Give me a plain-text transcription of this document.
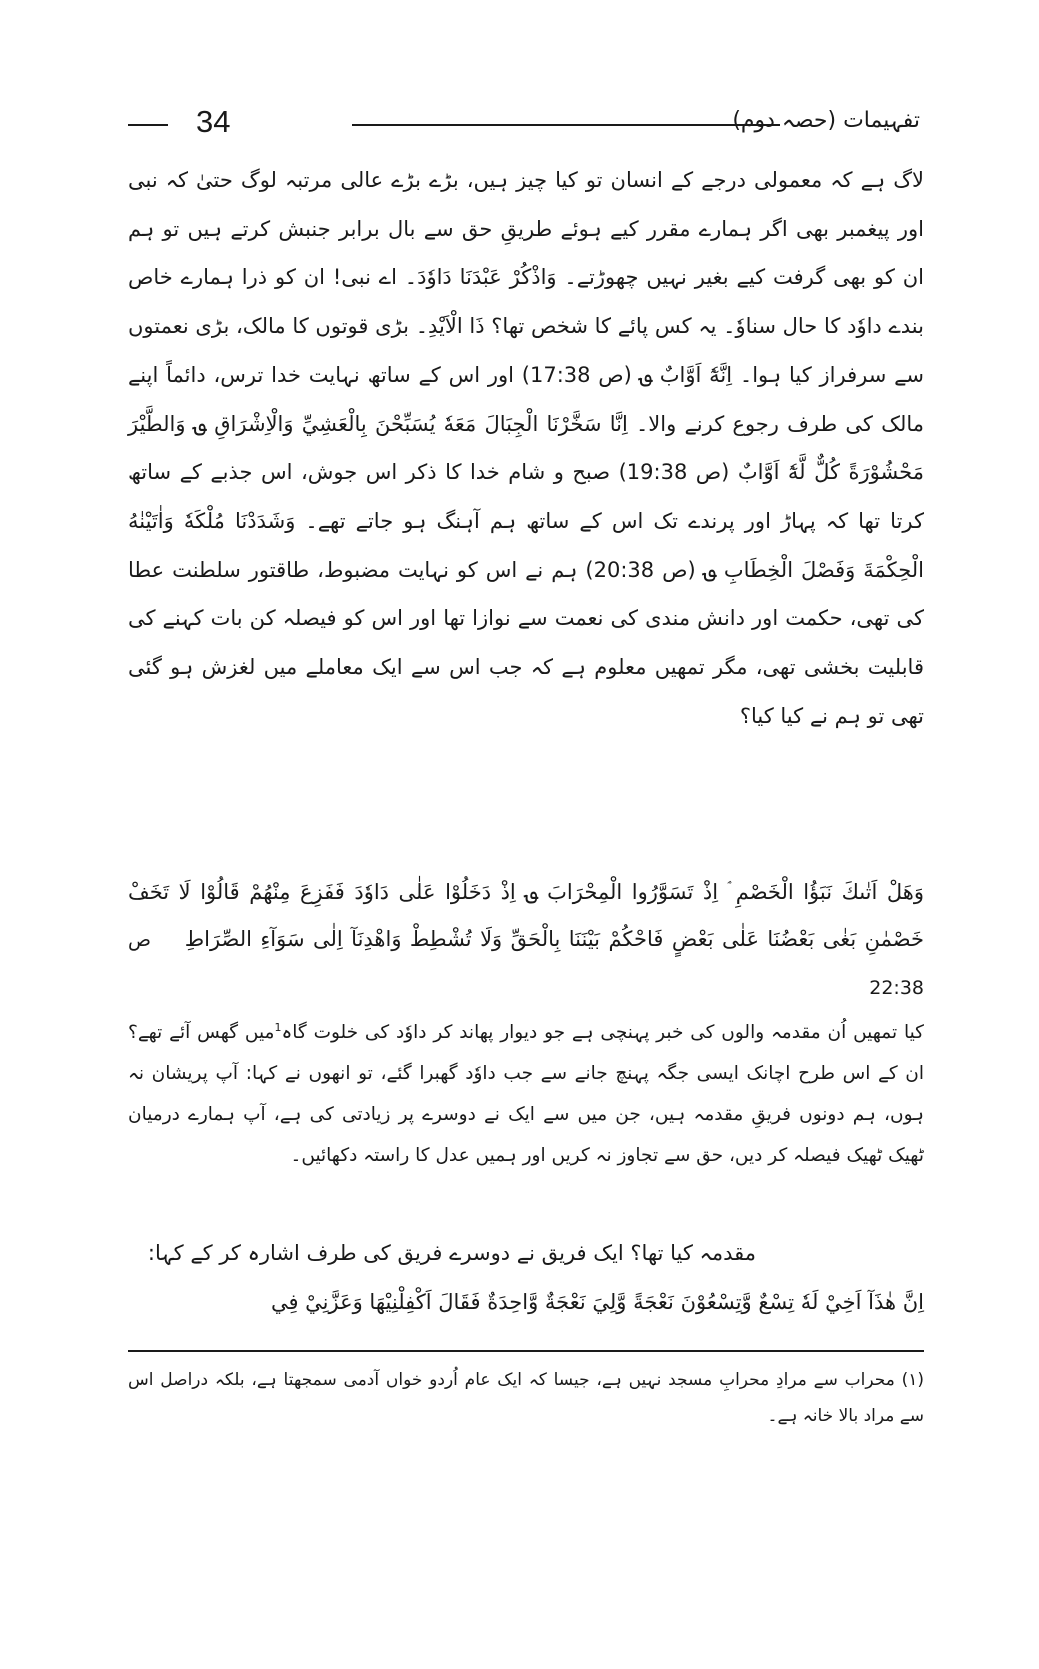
تفہیمات (حصہ دوم)
34

لاگ ہے کہ معمولی درجے کے انسان تو کیا چیز ہیں، بڑے بڑے عالی مرتبہ لوگ حتیٰ کہ نبی اور پیغمبر بھی اگر ہمارے مقرر کیے ہوئے طریقِ حق سے بال برابر جنبش کرتے ہیں تو ہم ان کو بھی گرفت کیے بغیر نہیں چھوڑتے۔ وَاذْكُرْ عَبْدَنَا دَاوٗدَ۔ اے نبی! ان کو ذرا ہمارے خاص بندے داوٗد کا حال سناوٗ۔ یہ کس پائے کا شخص تھا؟ ذَا الْاَيْدِ۔ بڑی قوتوں کا مالک، بڑی نعمتوں سے سرفراز کیا ہوا۔ اِنَّهٗٓ اَوَّابٌ ؈ (ص 17:38) اور اس کے ساتھ نہایت خدا ترس، دائماً اپنے مالک کی طرف رجوع کرنے والا۔ اِنَّا سَخَّرْنَا الْجِبَالَ مَعَهٗ يُسَبِّحْنَ بِالْعَشِيِّ وَالْاِشْرَاقِ ؈ وَالطَّيْرَ مَحْشُوْرَةً كُلٌّ لَّهٗٓ اَوَّابٌ (ص 19:38) صبح و شام خدا کا ذکر اس جوش، اس جذبے کے ساتھ کرتا تھا کہ پہاڑ اور پرندے تک اس کے ساتھ ہم آہنگ ہو جاتے تھے۔ وَشَدَدْنَا مُلْكَهٗ وَاٰتَيْنٰهُ الْحِكْمَةَ وَفَصْلَ الْخِطَابِ ؈ (ص 20:38) ہم نے اس کو نہایت مضبوط، طاقتور سلطنت عطا کی تھی، حکمت اور دانش مندی کی نعمت سے نوازا تھا اور اس کو فیصلہ کن بات کہنے کی قابلیت بخشی تھی، مگر تمھیں معلوم ہے کہ جب اس سے ایک معاملے میں لغزش ہو گئی تھی تو ہم نے کیا کیا؟

وَهَلْ اَتٰىكَ نَبَؤُا الْخَصْمِ ۘ اِذْ تَسَوَّرُوا الْمِحْرَابَ ؈ اِذْ دَخَلُوْا عَلٰى دَاوٗدَ فَفَزِعَ مِنْهُمْ قَالُوْا لَا تَخَفْ خَصْمٰنِ بَغٰى بَعْضُنَا عَلٰى بَعْضٍ فَاحْكُمْ بَيْنَنَا بِالْحَقِّ وَلَا تُشْطِطْ وَاهْدِنَآ اِلٰى سَوَآءِ الصِّرَاطِ    ص 22:38

کیا تمھیں اُن مقدمہ والوں کی خبر پہنچی ہے جو دیوار پھاند کر داوٗد کی خلوت گاہ$^1$میں گھس آئے تھے؟ ان کے اس طرح اچانک ایسی جگہ پہنچ جانے سے جب داوٗد گھبرا گئے، تو انھوں نے کہا: آپ پریشان نہ ہوں، ہم دونوں فریقِ مقدمہ ہیں، جن میں سے ایک نے دوسرے پر زیادتی کی ہے، آپ ہمارے درمیان ٹھیک ٹھیک فیصلہ کر دیں، حق سے تجاوز نہ کریں اور ہمیں عدل کا راستہ دکھائیں۔

مقدمہ کیا تھا؟ ایک فریق نے دوسرے فریق کی طرف اشارہ کر کے کہا:

اِنَّ هٰذَآ اَخِيْ لَهٗ تِسْعٌ وَّتِسْعُوْنَ نَعْجَةً وَّلِيَ نَعْجَةٌ وَّاحِدَةٌ فَقَالَ اَكْفِلْنِيْهَا وَعَزَّنِيْ فِي

(۱) محراب سے مرادِ محرابِ مسجد نہیں ہے، جیسا کہ ایک عام اُردو خواں آدمی سمجھتا ہے، بلکہ دراصل اس سے مراد بالا خانہ ہے۔
